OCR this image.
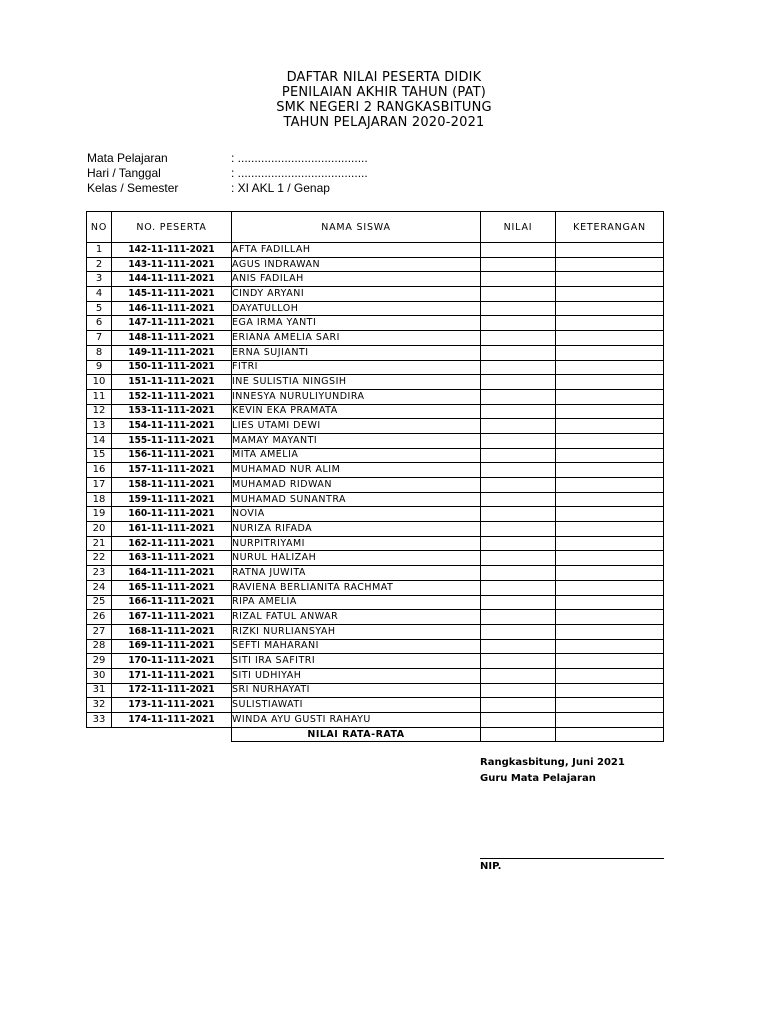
DAFTAR NILAI PESERTA DIDIK
PENILAIAN AKHIR TAHUN (PAT)
SMK NEGERI 2 RANGKASBITUNG
TAHUN PELAJARAN 2020-2021
Mata Pelajaran	: .......................................
Hari / Tanggal	: .......................................
Kelas / Semester	: XI AKL 1 / Genap
NO	NO. PESERTA	NAMA SISWA	NILAI	KETERANGAN
1	142-11-111-2021	AFTA FADILLAH		
2	143-11-111-2021	AGUS INDRAWAN		
3	144-11-111-2021	ANIS FADILAH		
4	145-11-111-2021	CINDY ARYANI		
5	146-11-111-2021	DAYATULLOH		
6	147-11-111-2021	EGA IRMA YANTI		
7	148-11-111-2021	ERIANA AMELIA SARI		
8	149-11-111-2021	ERNA SUJIANTI		
9	150-11-111-2021	FITRI		
10	151-11-111-2021	INE SULISTIA NINGSIH		
11	152-11-111-2021	INNESYA NURULIYUNDIRA		
12	153-11-111-2021	KEVIN EKA PRAMATA		
13	154-11-111-2021	LIES UTAMI DEWI		
14	155-11-111-2021	MAMAY MAYANTI		
15	156-11-111-2021	MITA AMELIA		
16	157-11-111-2021	MUHAMAD NUR ALIM		
17	158-11-111-2021	MUHAMAD RIDWAN		
18	159-11-111-2021	MUHAMAD SUNANTRA		
19	160-11-111-2021	NOVIA		
20	161-11-111-2021	NURIZA RIFADA		
21	162-11-111-2021	NURPITRIYAMI		
22	163-11-111-2021	NURUL HALIZAH		
23	164-11-111-2021	RATNA JUWITA		
24	165-11-111-2021	RAVIENA BERLIANITA RACHMAT		
25	166-11-111-2021	RIPA AMELIA		
26	167-11-111-2021	RIZAL FATUL ANWAR		
27	168-11-111-2021	RIZKI NURLIANSYAH		
28	169-11-111-2021	SEFTI MAHARANI		
29	170-11-111-2021	SITI IRA SAFITRI		
30	171-11-111-2021	SITI UDHIYAH		
31	172-11-111-2021	SRI NURHAYATI		
32	173-11-111-2021	SULISTIAWATI		
33	174-11-111-2021	WINDA AYU GUSTI RAHAYU		
		NILAI RATA-RATA		
Rangkasbitung, Juni 2021
Guru Mata Pelajaran
NIP.
